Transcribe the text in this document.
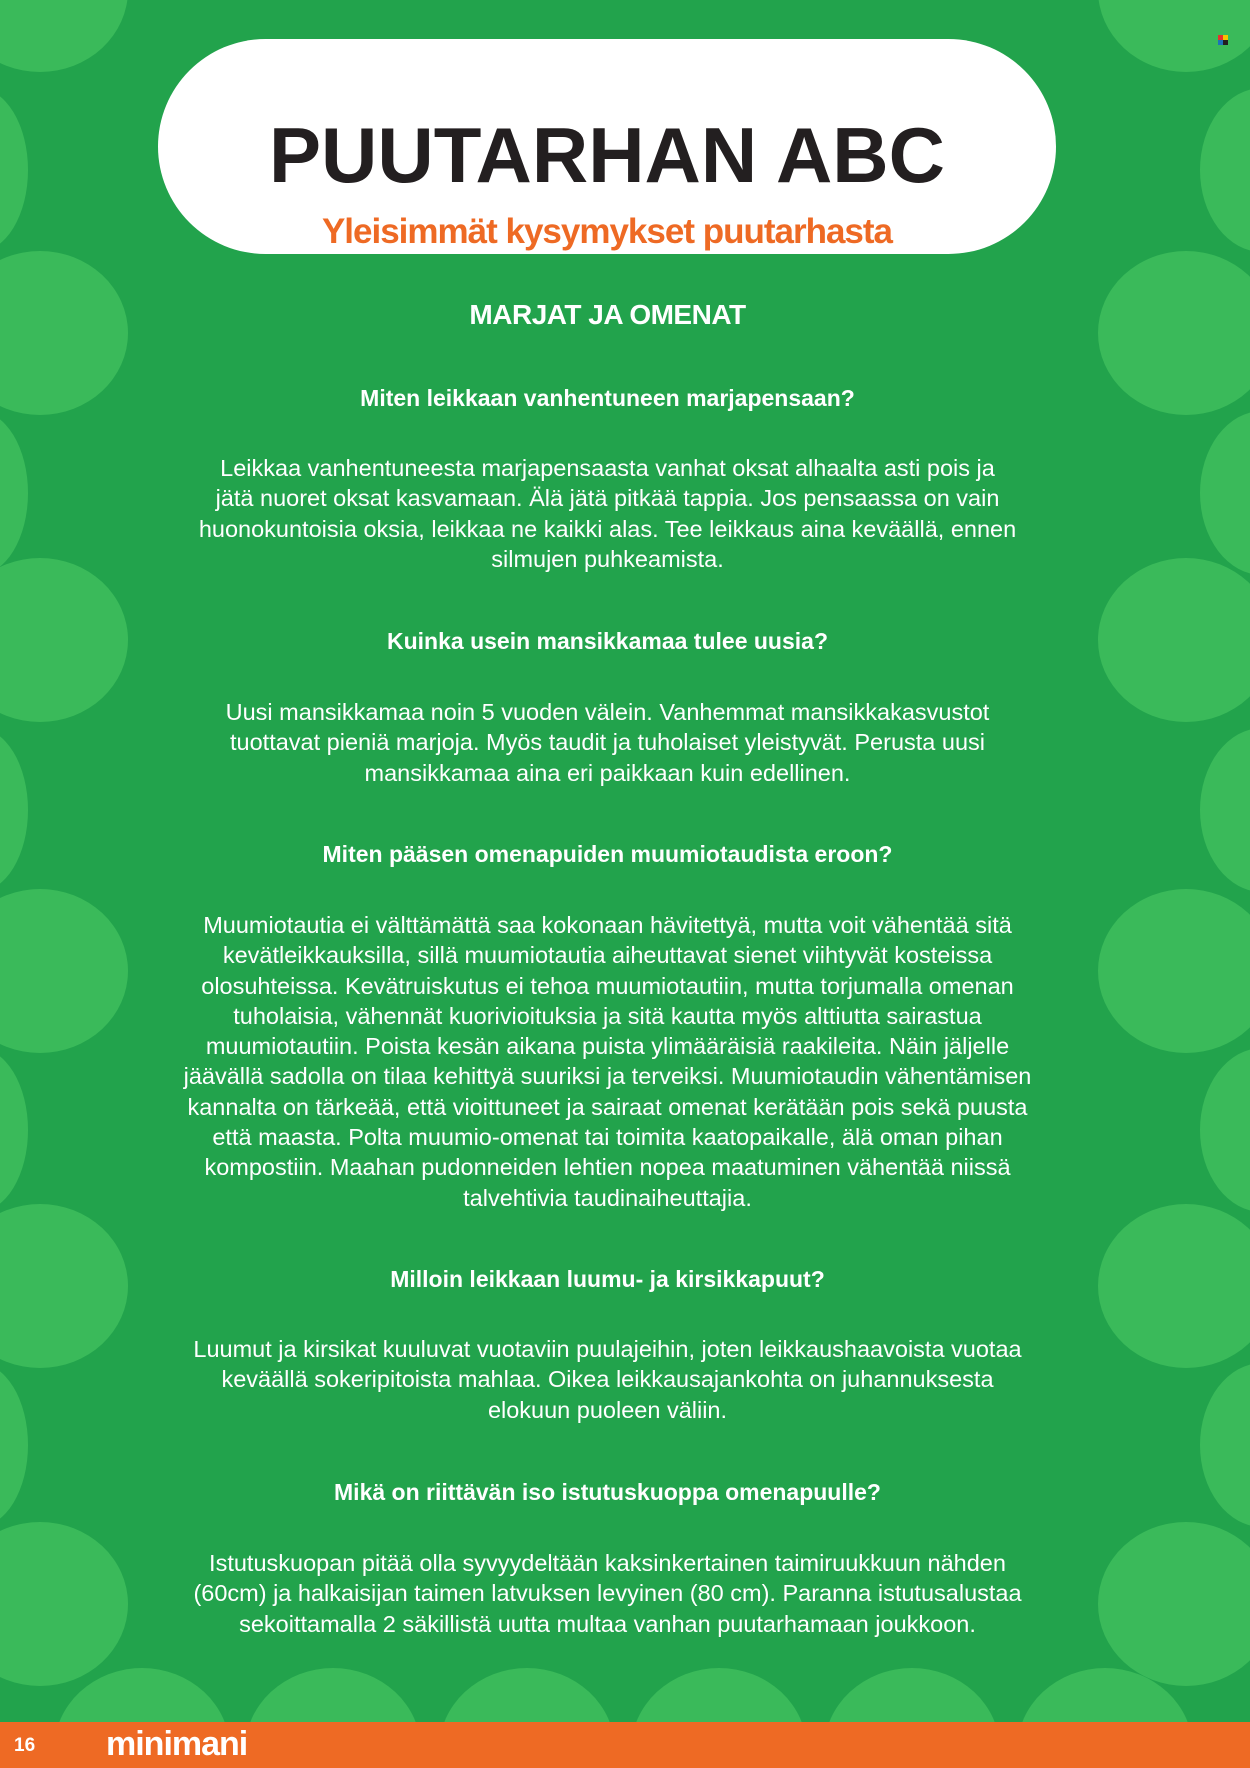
PUUTARHAN ABC

Yleisimmät kysymykset puutarhasta

MARJAT JA OMENAT

Miten leikkaan vanhentuneen marjapensaan?

Leikkaa vanhentuneesta marjapensaasta vanhat oksat alhaalta asti pois ja
jätä nuoret oksat kasvamaan. Älä jätä pitkää tappia. Jos pensaassa on vain
huonokuntoisia oksia, leikkaa ne kaikki alas. Tee leikkaus aina keväällä, ennen
silmujen puhkeamista.

Kuinka usein mansikkamaa tulee uusia?

Uusi mansikkamaa noin 5 vuoden välein. Vanhemmat mansikkakasvustot
tuottavat pieniä marjoja. Myös taudit ja tuholaiset yleistyvät. Perusta uusi
mansikkamaa aina eri paikkaan kuin edellinen.

Miten pääsen omenapuiden muumiotaudista eroon?

Muumiotautia ei välttämättä saa kokonaan hävitettyä, mutta voit vähentää sitä
kevätleikkauksilla, sillä muumiotautia aiheuttavat sienet viihtyvät kosteissa
olosuhteissa. Kevätruiskutus ei tehoa muumiotautiin, mutta torjumalla omenan
tuholaisia, vähennät kuorivioituksia ja sitä kautta myös alttiutta sairastua
muumiotautiin. Poista kesän aikana puista ylimääräisiä raakileita. Näin jäljelle
jäävällä sadolla on tilaa kehittyä suuriksi ja terveiksi. Muumiotaudin vähentämisen
kannalta on tärkeää, että vioittuneet ja sairaat omenat kerätään pois sekä puusta
että maasta. Polta muumio-omenat tai toimita kaatopaikalle, älä oman pihan
kompostiin. Maahan pudonneiden lehtien nopea maatuminen vähentää niissä
talvehtivia taudinaiheuttajia.

Milloin leikkaan luumu- ja kirsikkapuut?

Luumut ja kirsikat kuuluvat vuotaviin puulajeihin, joten leikkaushaavoista vuotaa
keväällä sokeripitoista mahlaa. Oikea leikkausajankohta on juhannuksesta
elokuun puoleen väliin.

Mikä on riittävän iso istutuskuoppa omenapuulle?

Istutuskuopan pitää olla syvyydeltään kaksinkertainen taimiruukkuun nähden
(60cm) ja halkaisijan taimen latvuksen levyinen (80 cm). Paranna istutusalustaa
sekoittamalla 2 säkillistä uutta multaa vanhan puutarhamaan joukkoon.
16 minimani
